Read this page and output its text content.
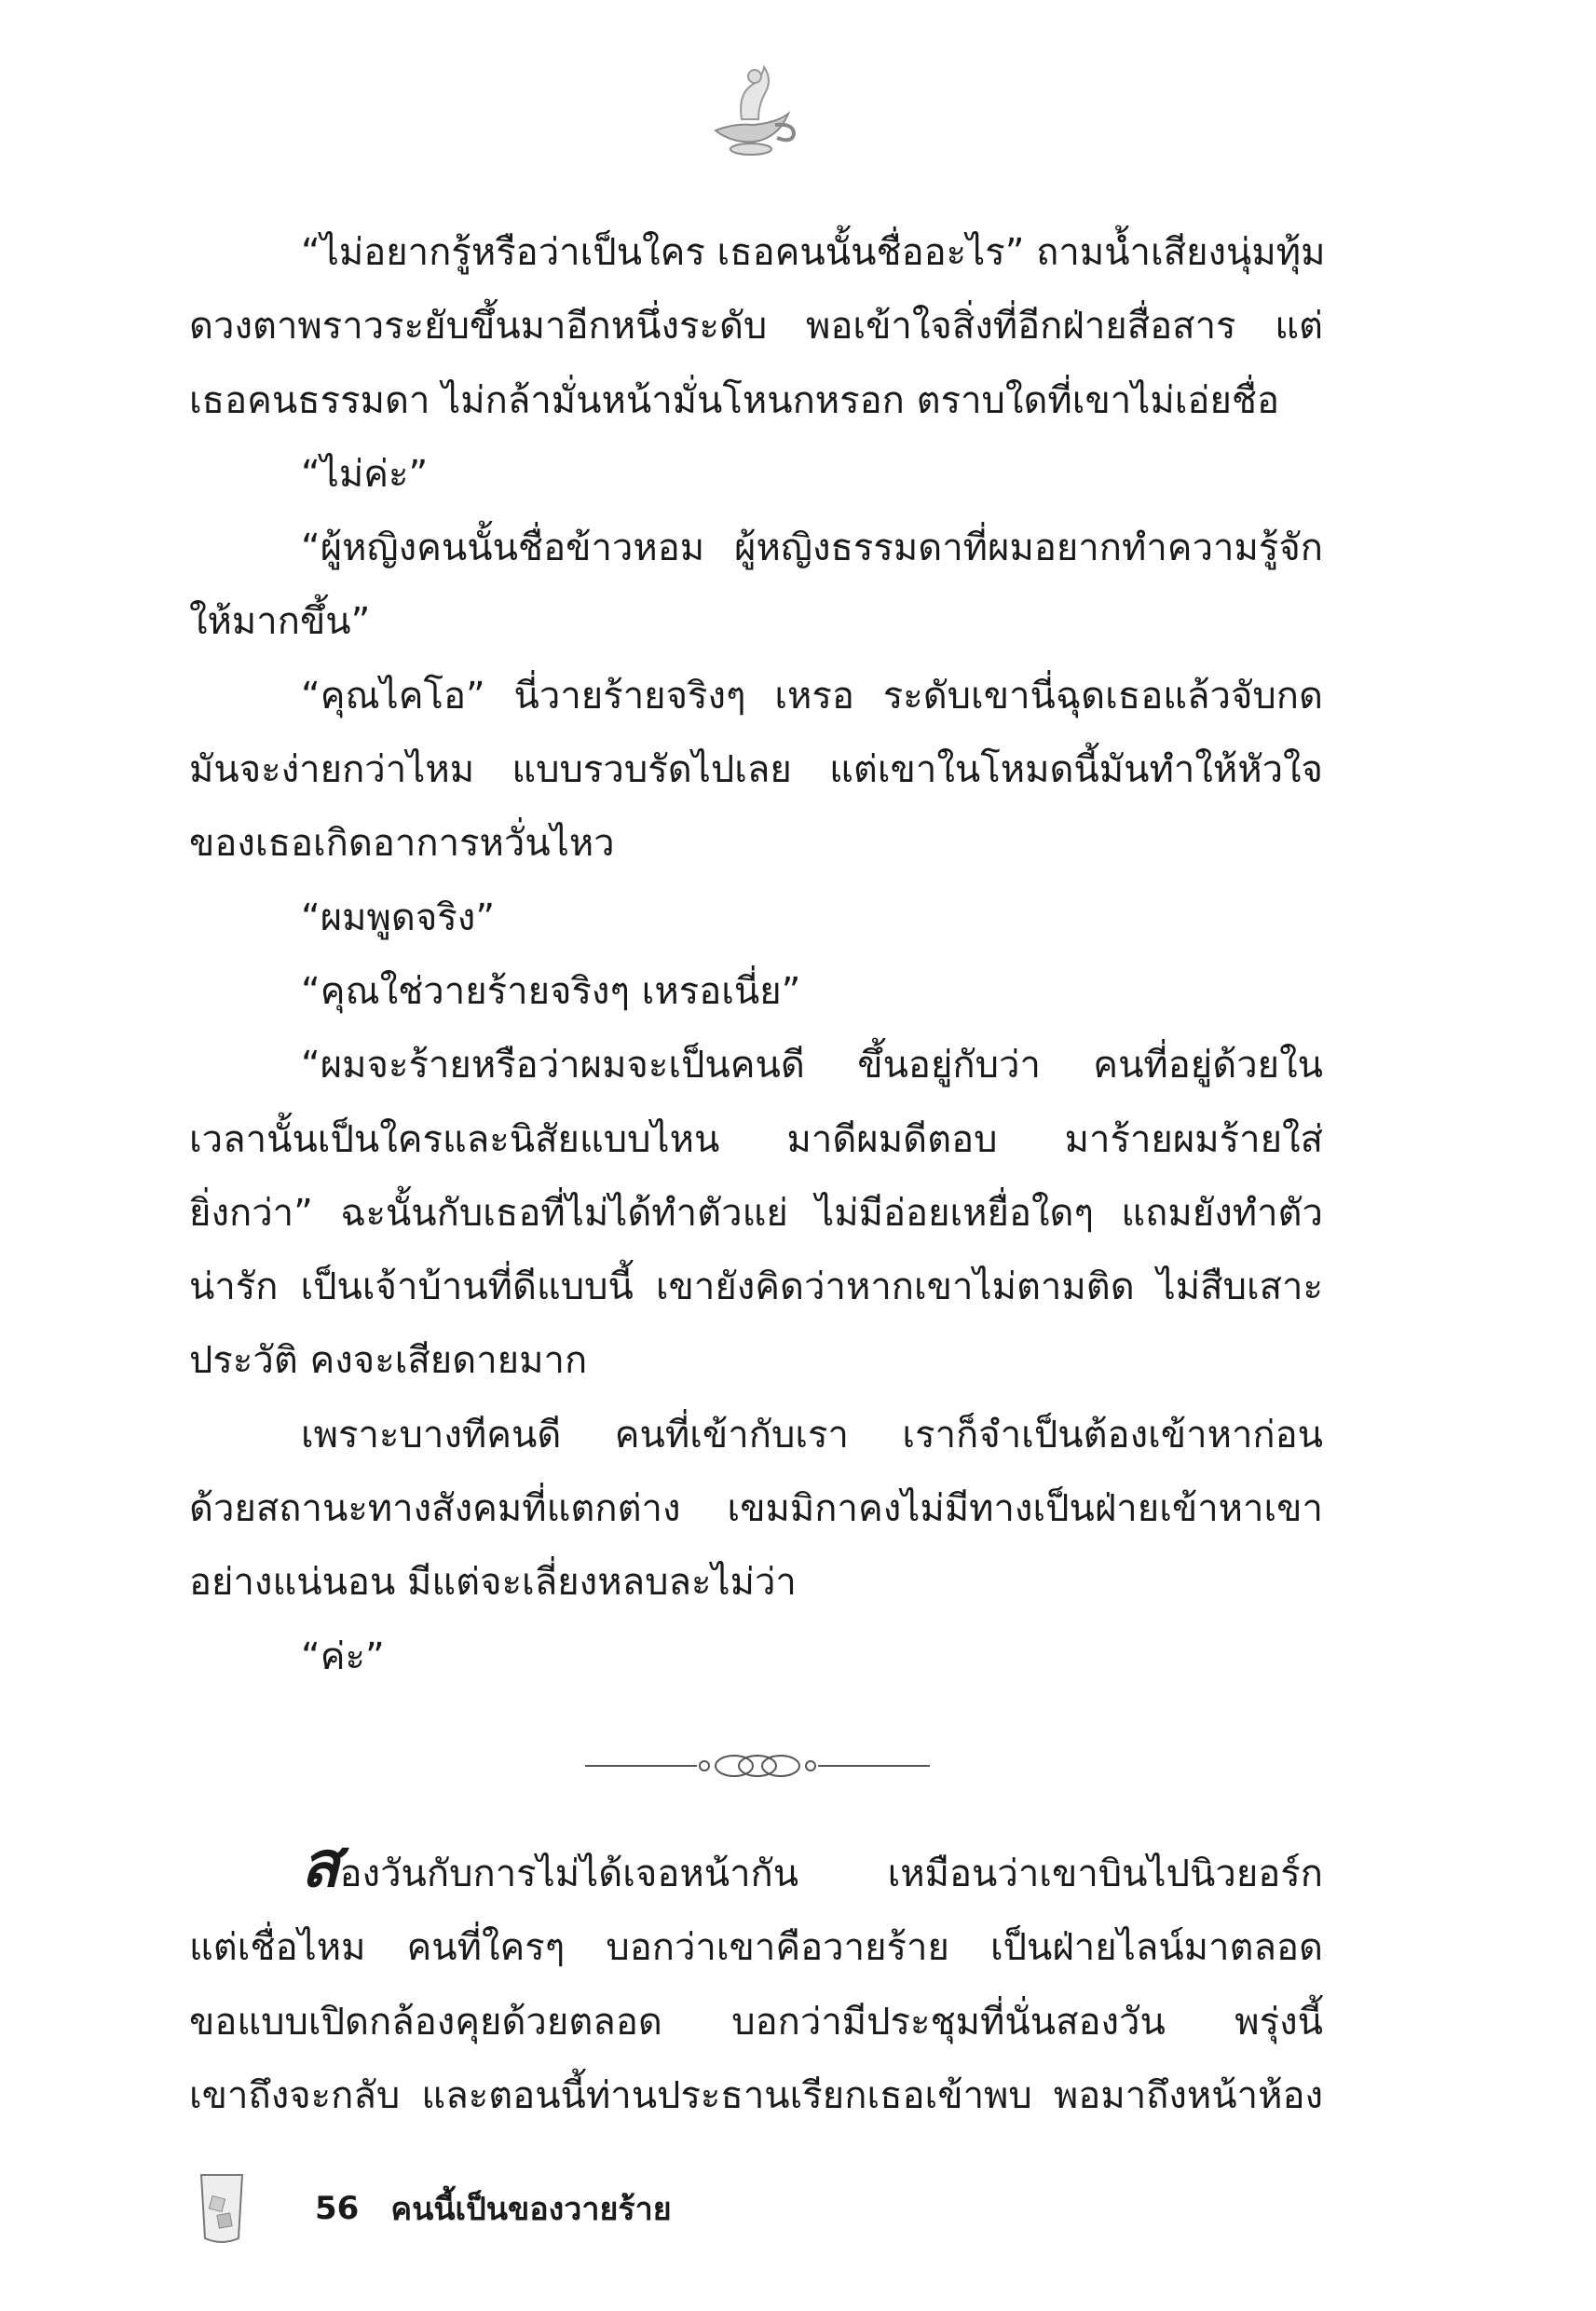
“ไม่อยากรู้หรือว่าเป็นใคร เธอคนนั้นชื่ออะไร” ถามน้ำเสียงนุ่มทุ้ม
ดวงตาพราวระยับขึ้นมาอีกหนึ่งระดับ พอเข้าใจสิ่งที่อีกฝ่ายสื่อสาร แต่
เธอคนธรรมดา ไม่กล้ามั่นหน้ามั่นโหนกหรอก ตราบใดที่เขาไม่เอ่ยชื่อ
“ไม่ค่ะ”
“ผู้หญิงคนนั้นชื่อข้าวหอม ผู้หญิงธรรมดาที่ผมอยากทำความรู้จัก
ให้มากขึ้น”
“คุณไคโอ” นี่วายร้ายจริงๆ เหรอ ระดับเขานี่ฉุดเธอแล้วจับกด
มันจะง่ายกว่าไหม แบบรวบรัดไปเลย แต่เขาในโหมดนี้มันทำให้หัวใจ
ของเธอเกิดอาการหวั่นไหว
“ผมพูดจริง”
“คุณใช่วายร้ายจริงๆ เหรอเนี่ย”
“ผมจะร้ายหรือว่าผมจะเป็นคนดี ขึ้นอยู่กับว่า คนที่อยู่ด้วยใน
เวลานั้นเป็นใครและนิสัยแบบไหน มาดีผมดีตอบ มาร้ายผมร้ายใส่
ยิ่งกว่า” ฉะนั้นกับเธอที่ไม่ได้ทำตัวแย่ ไม่มีอ่อยเหยื่อใดๆ แถมยังทำตัว
น่ารัก เป็นเจ้าบ้านที่ดีแบบนี้ เขายังคิดว่าหากเขาไม่ตามติด ไม่สืบเสาะ
ประวัติ คงจะเสียดายมาก
เพราะบางทีคนดี คนที่เข้ากับเรา เราก็จำเป็นต้องเข้าหาก่อน
ด้วยสถานะทางสังคมที่แตกต่าง เขมมิกาคงไม่มีทางเป็นฝ่ายเข้าหาเขา
อย่างแน่นอน มีแต่จะเลี่ยงหลบละไม่ว่า
“ค่ะ”
สองวันกับการไม่ได้เจอหน้ากัน เหมือนว่าเขาบินไปนิวยอร์ก
แต่เชื่อไหม คนที่ใครๆ บอกว่าเขาคือวายร้าย เป็นฝ่ายไลน์มาตลอด
ขอแบบเปิดกล้องคุยด้วยตลอด บอกว่ามีประชุมที่นั่นสองวัน พรุ่งนี้
เขาถึงจะกลับ และตอนนี้ท่านประธานเรียกเธอเข้าพบ พอมาถึงหน้าห้อง
56 คนนี้เป็นของวายร้าย
